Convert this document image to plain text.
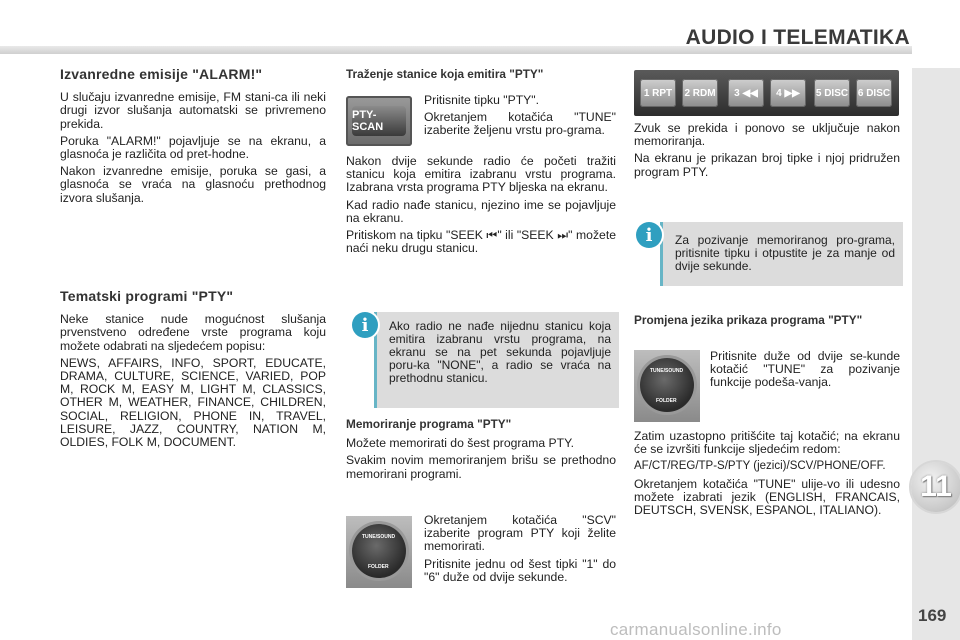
AUDIO I TELEMATIKA
11
169
carmanualsonline.info
Izvanredne emisije "ALARM!"

U slučaju izvanredne emisije, FM stani-ca ili neki drugi izvor slušanja automatski se privremeno prekida.

Poruka "ALARM!" pojavljuje se na ekranu, a glasnoća je različita od pret-hodne.

Nakon izvanredne emisije, poruka se gasi, a glasnoća se vraća na glasnoću prethodnog izvora slušanja.

Tematski programi "PTY"

Neke stanice nude mogućnost slušanja prvenstveno određene vrste programa koju možete odabrati na sljedećem popisu:

NEWS, AFFAIRS, INFO, SPORT, EDUCATE, DRAMA, CULTURE, SCIENCE, VARIED, POP M, ROCK M, EASY M, LIGHT M, CLASSICS, OTHER M, WEATHER, FINANCE, CHILDREN, SOCIAL, RELIGION, PHONE IN, TRAVEL, LEISURE, JAZZ, COUNTRY, NATION M, OLDIES, FOLK M, DOCUMENT.

Traženje stanice koja emitira "PTY"
PTY-SCAN

Pritisnite tipku "PTY".

Okretanjem kotačića "TUNE" izaberite željenu vrstu pro-grama.

Nakon dvije sekunde radio će početi tražiti stanicu koja emitira izabranu vrstu programa. Izabrana vrsta programa PTY bljeska na ekranu.

Kad radio nađe stanicu, njezino ime se pojavljuje na ekranu.

Pritiskom na tipku "SEEK ⏮" ili "SEEK ⏭" možete naći neku drugu stanicu.

Ako radio ne nađe nijednu stanicu koja emitira izabranu vrstu programa, na ekranu se na pet sekunda pojavljuje poru-ka "NONE", a radio se vraća na prethodnu stanicu.
i
Memoriranje programa "PTY"

Možete memorirati do šest programa PTY.

Svakim novim memoriranjem brišu se prethodno memorirani programi.

TUNE/SOUND
FOLDER

Okretanjem kotačića "SCV" izaberite program PTY koji želite memorirati.

Pritisnite jednu od šest tipki "1" do "6" duže od dvije sekunde.

1 RPT	2 RDM	3 ◀◀	4 ▶▶	5 DISC 6 DISC

Zvuk se prekida i ponovo se uključuje nakon memoriranja.

Na ekranu je prikazan broj tipke i njoj pridružen program PTY.

Za pozivanje memoriranog pro-grama, pritisnite tipku i otpustite je za manje od dvije sekunde.
i
Promjena jezika prikaza programa "PTY"
TUNE/SOUND
FOLDER

Pritisnite duže od dvije se-kunde kotačić "TUNE" za pozivanje funkcije podeša-vanja.

Zatim uzastopno pritišćite taj kotačić; na ekranu će se izvršiti funkcije sljedećim redom:

AF/CT/REG/TP-S/PTY (jezici)/SCV/PHONE/OFF.

Okretanjem kotačića "TUNE" ulije-vo ili udesno možete izabrati jezik (ENGLISH, FRANCAIS, DEUTSCH, SVENSK, ESPANOL, ITALIANO).
